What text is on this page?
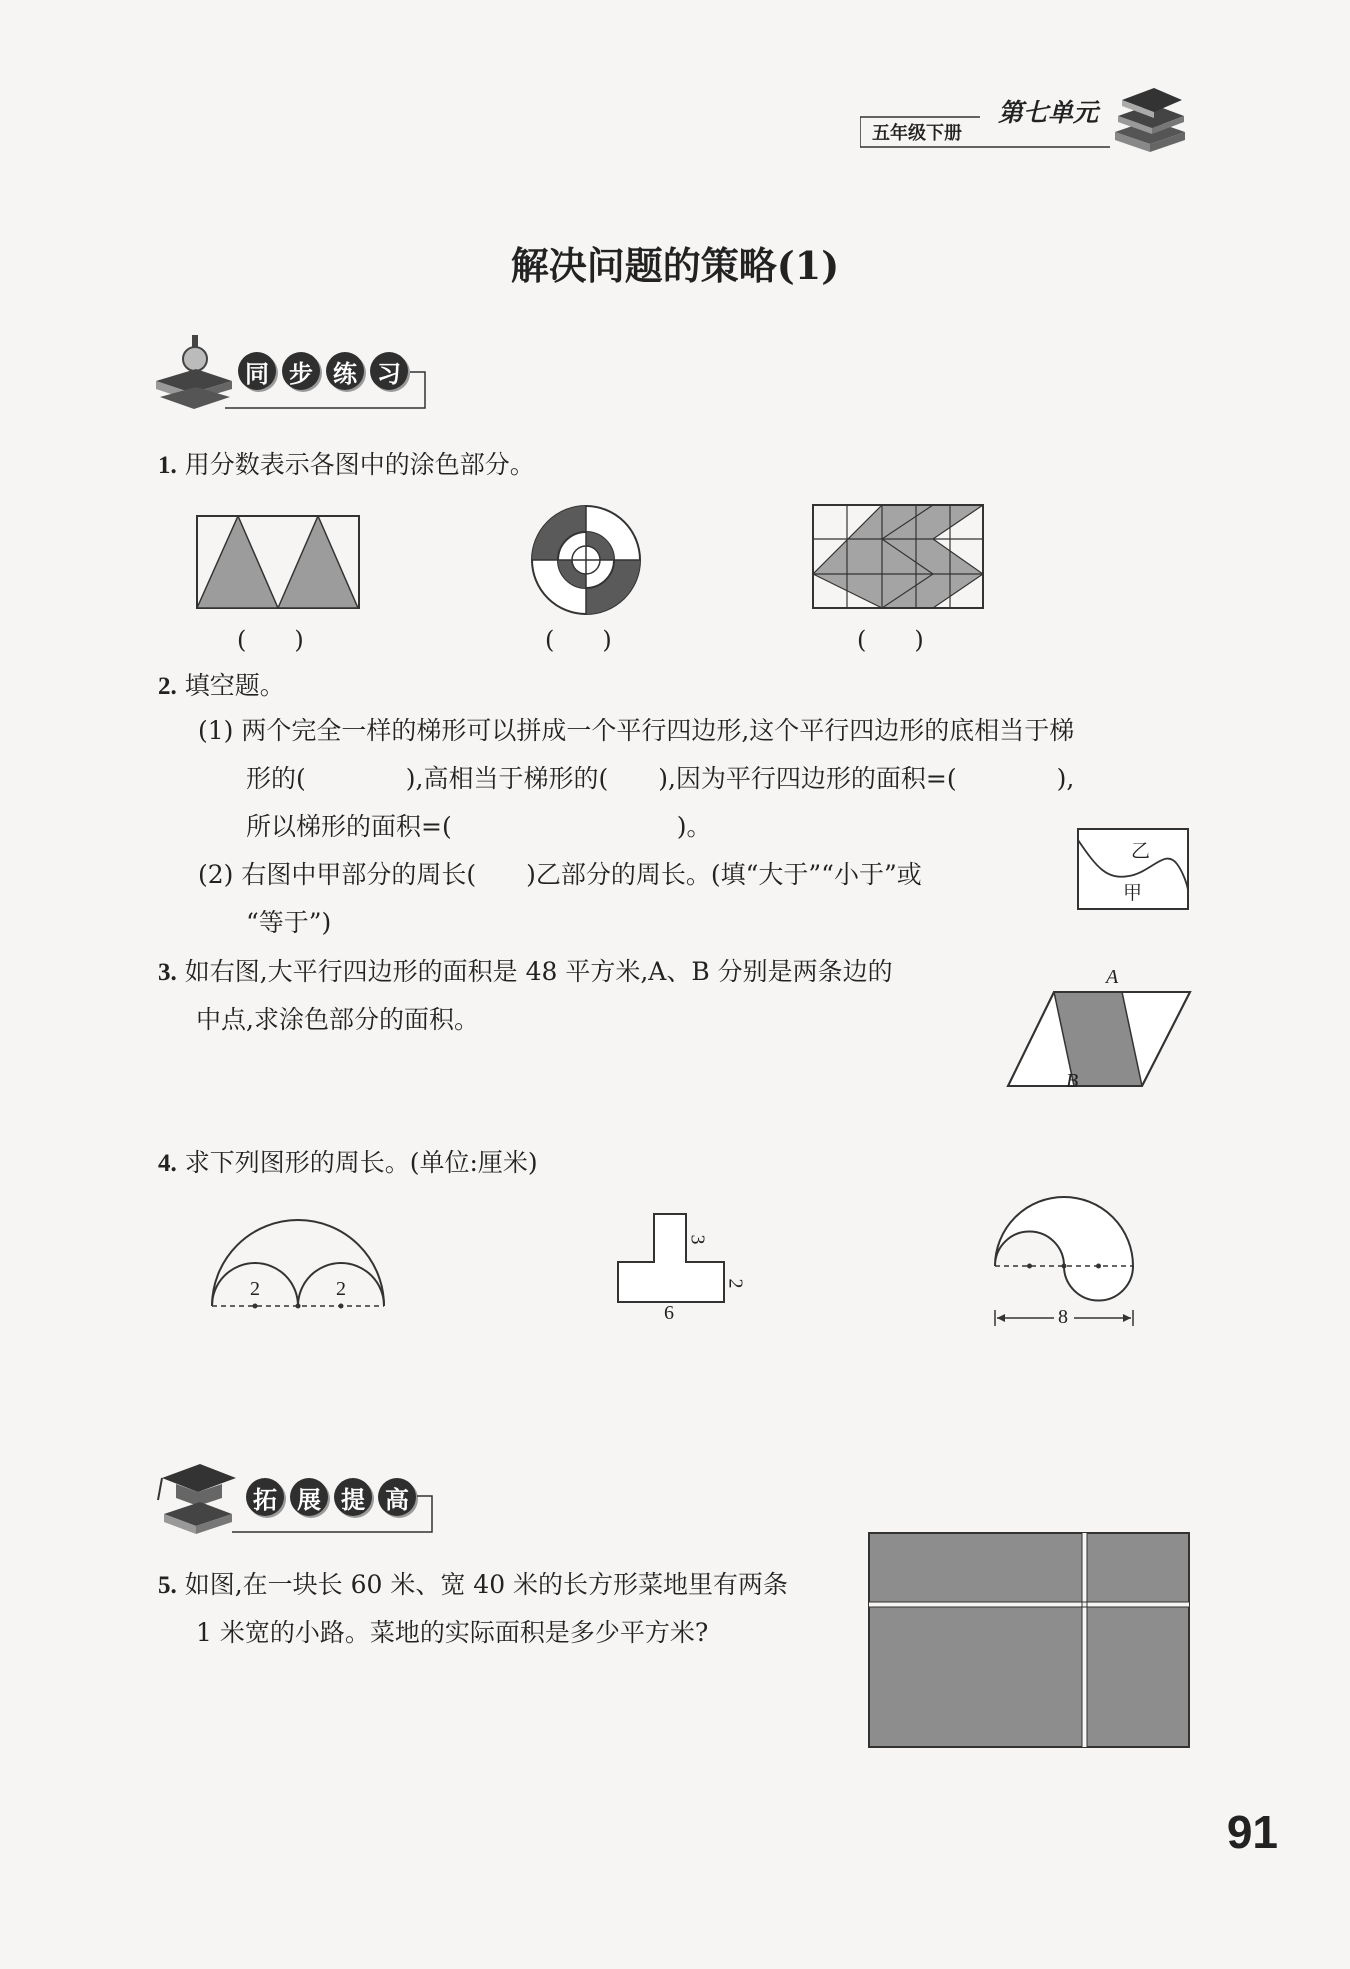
五年级下册
第七单元
解决问题的策略(1)
同 步 练 习
1. 用分数表示各图中的涂色部分。
(　　)	(　　)	(　　)
2. 填空题。
(1) 两个完全一样的梯形可以拼成一个平行四边形,这个平行四边形的底相当于梯
形的(　　　　),高相当于梯形的(　　),因为平行四边形的面积=(　　　　),
所以梯形的面积=(　　　　　　　　　)。
(2) 右图中甲部分的周长(　　)乙部分的周长。(填“大于”“小于”或
“等于”)
乙
甲
3. 如右图,大平行四边形的面积是 48 平方米,A、B 分别是两条边的
中点,求涂色部分的面积。
A
B
4. 求下列图形的周长。(单位:厘米)
2	2
3
2
6	8
拓 展 提 高
5. 如图,在一块长 60 米、宽 40 米的长方形菜地里有两条
1 米宽的小路。菜地的实际面积是多少平方米?
91
